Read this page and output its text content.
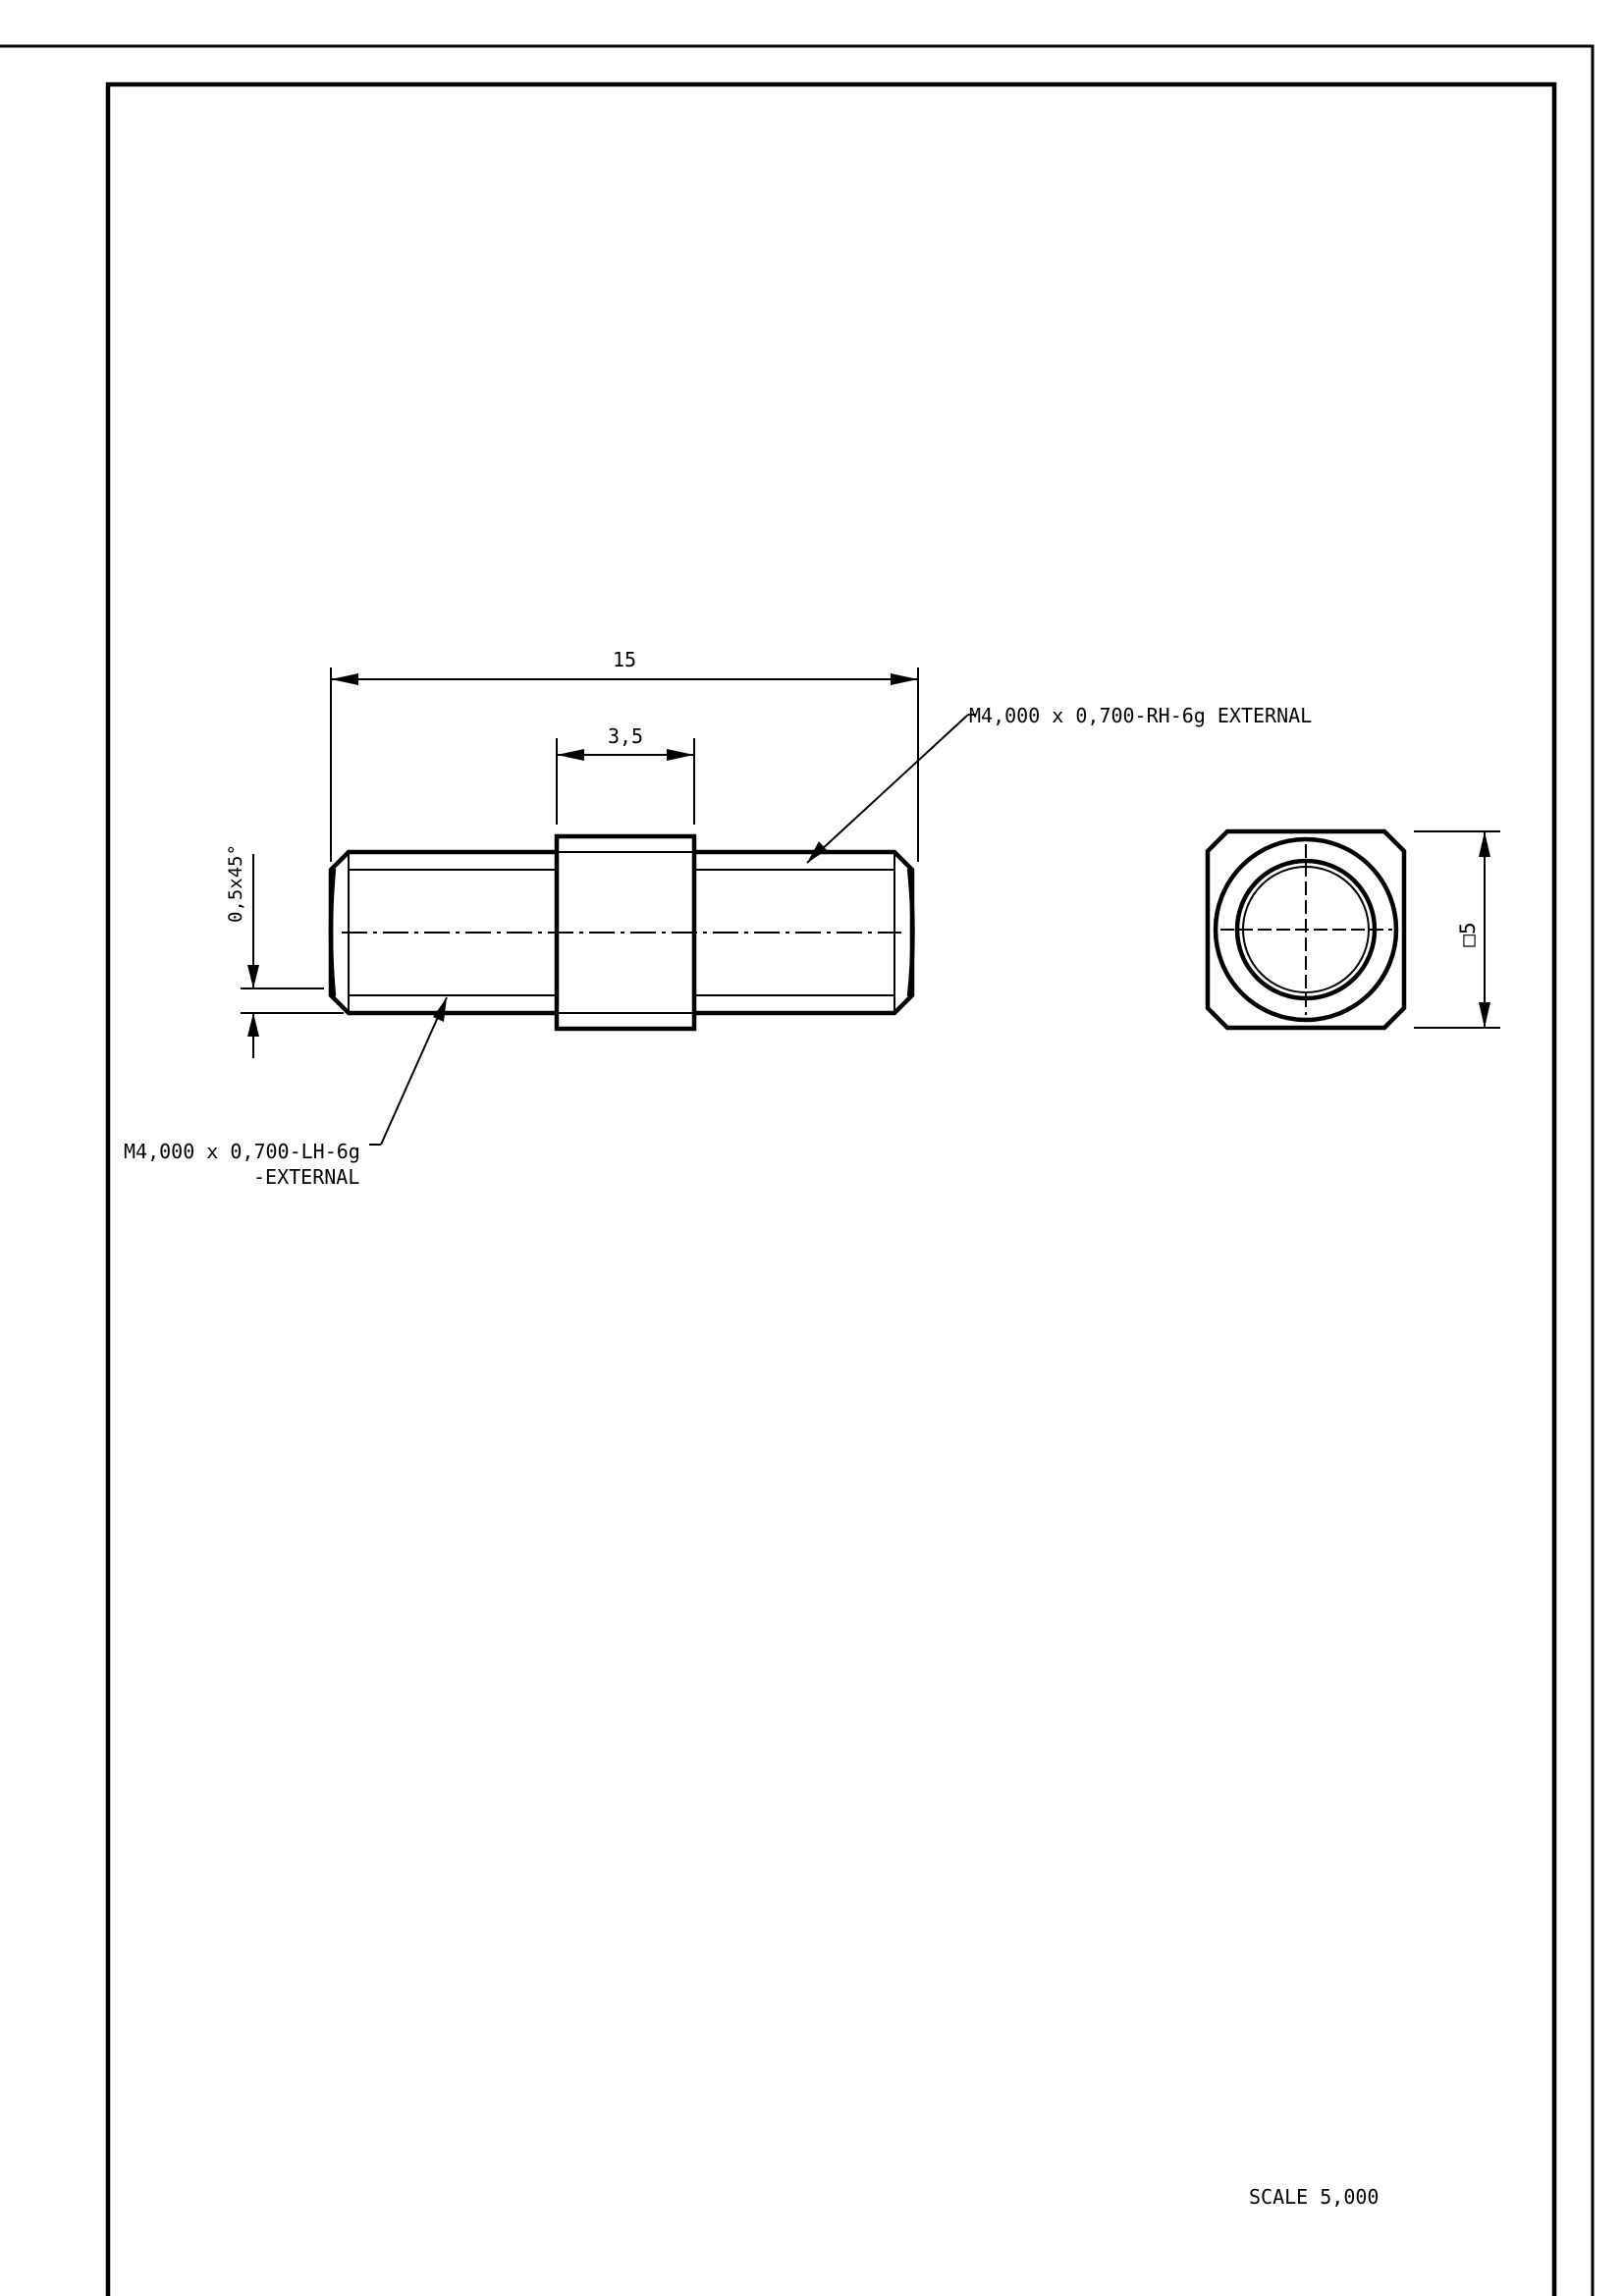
15
3,5
0,5x45°
M4,000 x 0,700-RH-6g EXTERNAL
M4,000 x 0,700-LH-6g
-EXTERNAL
□5
SCALE 5,000
